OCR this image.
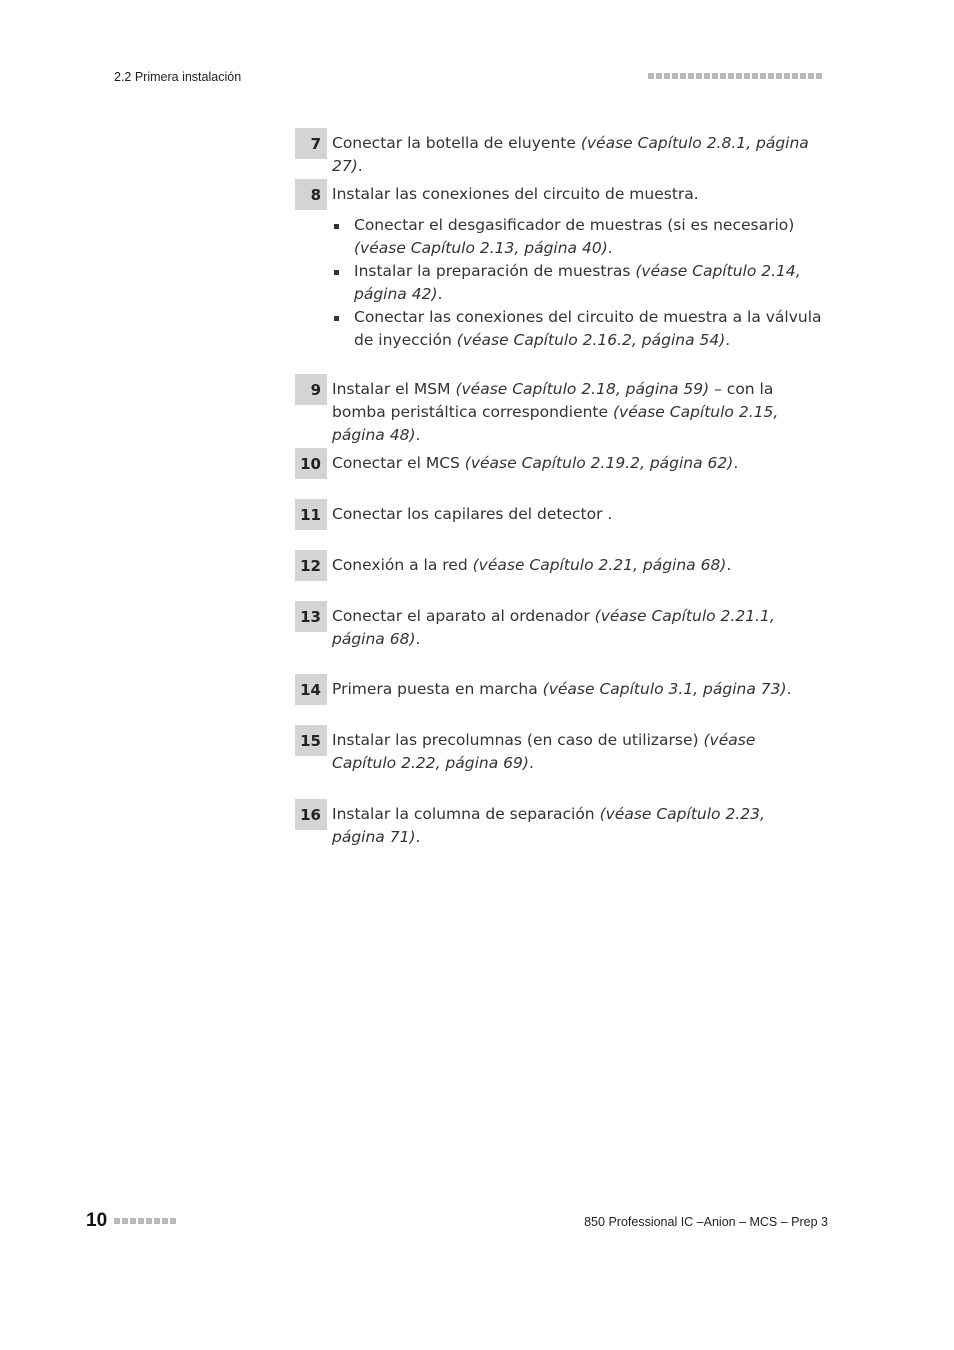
2.2 Primera instalación
7 Conectar la botella de eluyente (véase Capítulo 2.8.1, página 27).
8 Instalar las conexiones del circuito de muestra.
Conectar el desgasificador de muestras (si es necesario) (véase Capítulo 2.13, página 40).
Instalar la preparación de muestras (véase Capítulo 2.14, página 42).
Conectar las conexiones del circuito de muestra a la válvula de inyección (véase Capítulo 2.16.2, página 54).
9 Instalar el MSM (véase Capítulo 2.18, página 59) – con la bomba peristáltica correspondiente (véase Capítulo 2.15, página 48).
10 Conectar el MCS (véase Capítulo 2.19.2, página 62).
11 Conectar los capilares del detector .
12 Conexión a la red (véase Capítulo 2.21, página 68).
13 Conectar el aparato al ordenador (véase Capítulo 2.21.1, página 68).
14 Primera puesta en marcha (véase Capítulo 3.1, página 73).
15 Instalar las precolumnas (en caso de utilizarse) (véase Capítulo 2.22, página 69).
16 Instalar la columna de separación (véase Capítulo 2.23, página 71).
10	850 Professional IC –Anion – MCS – Prep 3
